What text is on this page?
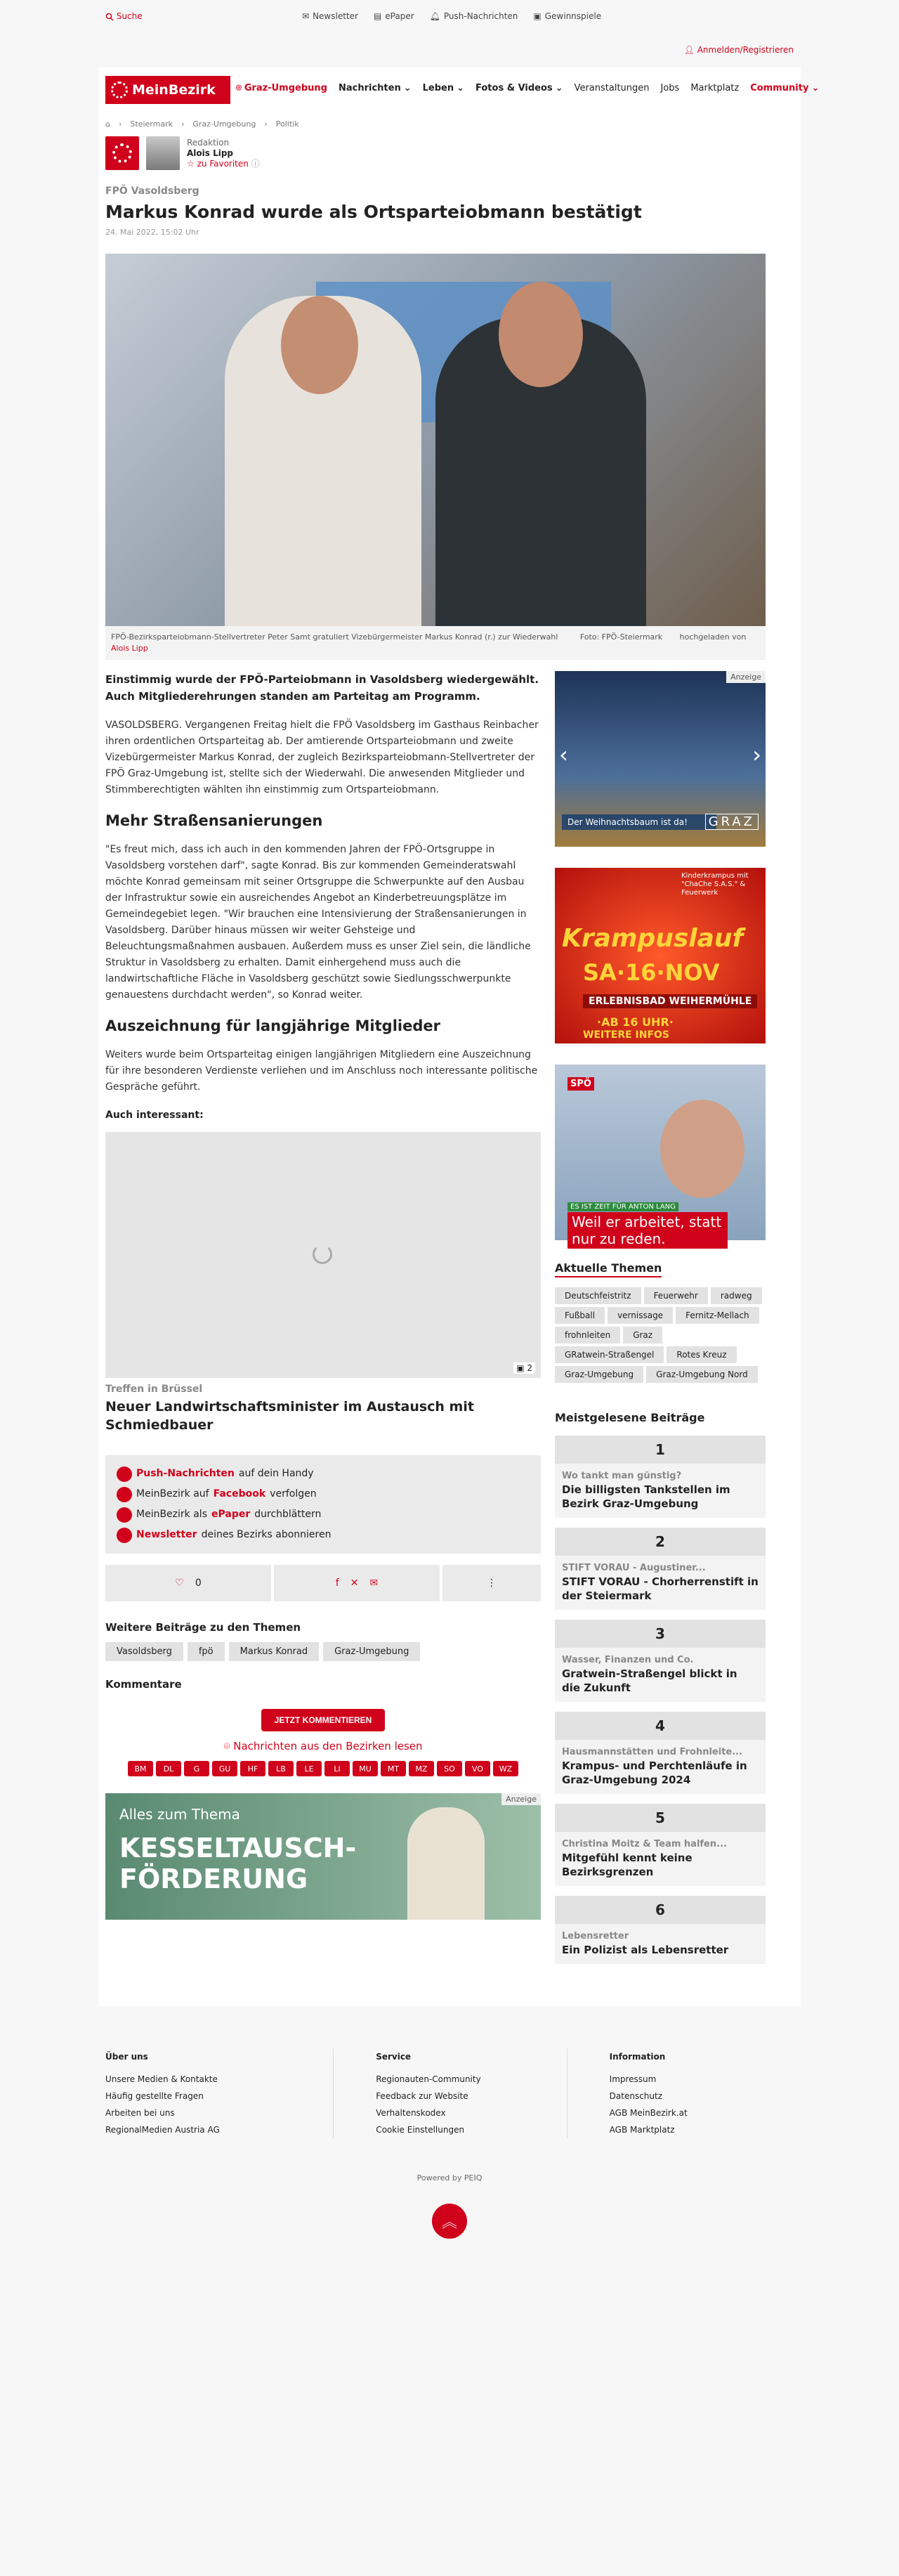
Suche	✉ Newsletter ▤ ePaper 🔔︎ Push-Nachrichten ▣ Gewinnspiele
👤︎ Anmelden/Registrieren
MeinBezirk ⌾ Graz-Umgebung Nachrichten ⌄ Leben ⌄ Fotos & Videos ⌄ Veranstaltungen Jobs Marktplatz Community ⌄
⌂ › Steiermark › Graz-Umgebung › Politik
Redaktion
Alois Lipp
☆ zu Favoriten ⓘ
FPÖ Vasoldsberg
Markus Konrad wurde als Ortsparteiobmann bestätigt
24. Mai 2022, 15:02 Uhr
FPÖ-Bezirksparteiobmann-Stellvertreter Peter Samt gratuliert Vizebürgermeister Markus Konrad (r.) zur Wiederwahl	Foto: FPÖ-Steiermark hochgeladen von Alois Lipp
Einstimmig wurde der FPÖ-Parteiobmann in Vasoldsberg wiedergewählt. Auch Mitgliederehrungen standen am Parteitag am Programm.

VASOLDSBERG. Vergangenen Freitag hielt die FPÖ Vasoldsberg im Gasthaus Reinbacher ihren ordentlichen Ortsparteitag ab. Der amtierende Ortsparteiobmann und zweite Vizebürgermeister Markus Konrad, der zugleich Bezirksparteiobmann-Stellvertreter der FPÖ Graz-Umgebung ist, stellte sich der Wiederwahl. Die anwesenden Mitglieder und Stimmberechtigten wählten ihn einstimmig zum Ortsparteiobmann.

Mehr Straßensanierungen

"Es freut mich, dass ich auch in den kommenden Jahren der FPÖ-Ortsgruppe in Vasoldsberg vorstehen darf", sagte Konrad. Bis zur kommenden Gemeinderatswahl möchte Konrad gemeinsam mit seiner Ortsgruppe die Schwerpunkte auf den Ausbau der Infrastruktur sowie ein ausreichendes Angebot an Kinderbetreuungsplätze im Gemeindegebiet legen. "Wir brauchen eine Intensivierung der Straßensanierungen in Vasoldsberg. Darüber hinaus müssen wir weiter Gehsteige und Beleuchtungsmaßnahmen ausbauen. Außerdem muss es unser Ziel sein, die ländliche Struktur in Vasoldsberg zu erhalten. Damit einhergehend muss auch die landwirtschaftliche Fläche in Vasoldsberg geschützt sowie Siedlungsschwerpunkte genauestens durchdacht werden", so Konrad weiter.

Auszeichnung für langjährige Mitglieder

Weiters wurde beim Ortsparteitag einigen langjährigen Mitgliedern eine Auszeichnung für ihre besonderen Verdienste verliehen und im Anschluss noch interessante politische Gespräche geführt.

Auch interessant:
▣ 2
Treffen in Brüssel
Neuer Landwirtschaftsminister im Austausch mit Schmiedbauer
Push-Nachrichten auf dein Handy
MeinBezirk auf Facebook verfolgen
MeinBezirk als ePaper durchblättern
Newsletter deines Bezirks abonnieren
♡ 0	f ✕ ✉	⋮
Weitere Beiträge zu den Themen
Vasoldsberg	fpö	Markus Konrad	Graz-Umgebung
Kommentare
JETZT KOMMENTIEREN
⌾ Nachrichten aus den Bezirken lesen
BM	DL	G	GU	HF	LB	LE	LI	MU	MT	MZ	SO	VO	WZ
Alles zum Thema
KESSELTAUSCH-FÖRDERUNG
Anzeige
Anzeige
‹	›
Der Weihnachtsbaum ist da!	GRAZ
Kinderkrampus mit "ChaChe S.A.S." & Feuerwerk
Krampuslauf
SA·16·NOV
ERLEBNISBAD WEIHERMÜHLE
·AB 16 UHR·
WEITERE INFOS
SPÖ
ES IST ZEIT FÜR ANTON LANG
Weil er arbeitet, statt nur zu reden.
Aktuelle Themen
Deutschfeistritz	Feuerwehr	radweg
Fußball	vernissage	Fernitz-Mellach
frohnleiten	Graz
GRatwein-Straßengel	Rotes Kreuz
Graz-Umgebung	Graz-Umgebung Nord
Meistgelesene Beiträge
1
Wo tankt man günstig?
Die billigsten Tankstellen im Bezirk Graz-Umgebung
2
STIFT VORAU - Augustiner...
STIFT VORAU - Chorherrenstift in der Steiermark
3
Wasser, Finanzen und Co.
Gratwein-Straßengel blickt in die Zukunft
4
Hausmannstätten und Frohnleite...
Krampus- und Perchtenläufe in Graz-Umgebung 2024
5
Christina Moitz & Team halfen...
Mitgefühl kennt keine Bezirksgrenzen
6
Lebensretter
Ein Polizist als Lebensretter
Über uns
Unsere Medien & Kontakte
Häufig gestellte Fragen
Arbeiten bei uns
RegionalMedien Austria AG
Service
Regionauten-Community
Feedback zur Website
Verhaltenskodex
Cookie Einstellungen
Information
Impressum
Datenschutz
AGB MeinBezirk.at
AGB Marktplatz
Powered by PEIQ
︽
